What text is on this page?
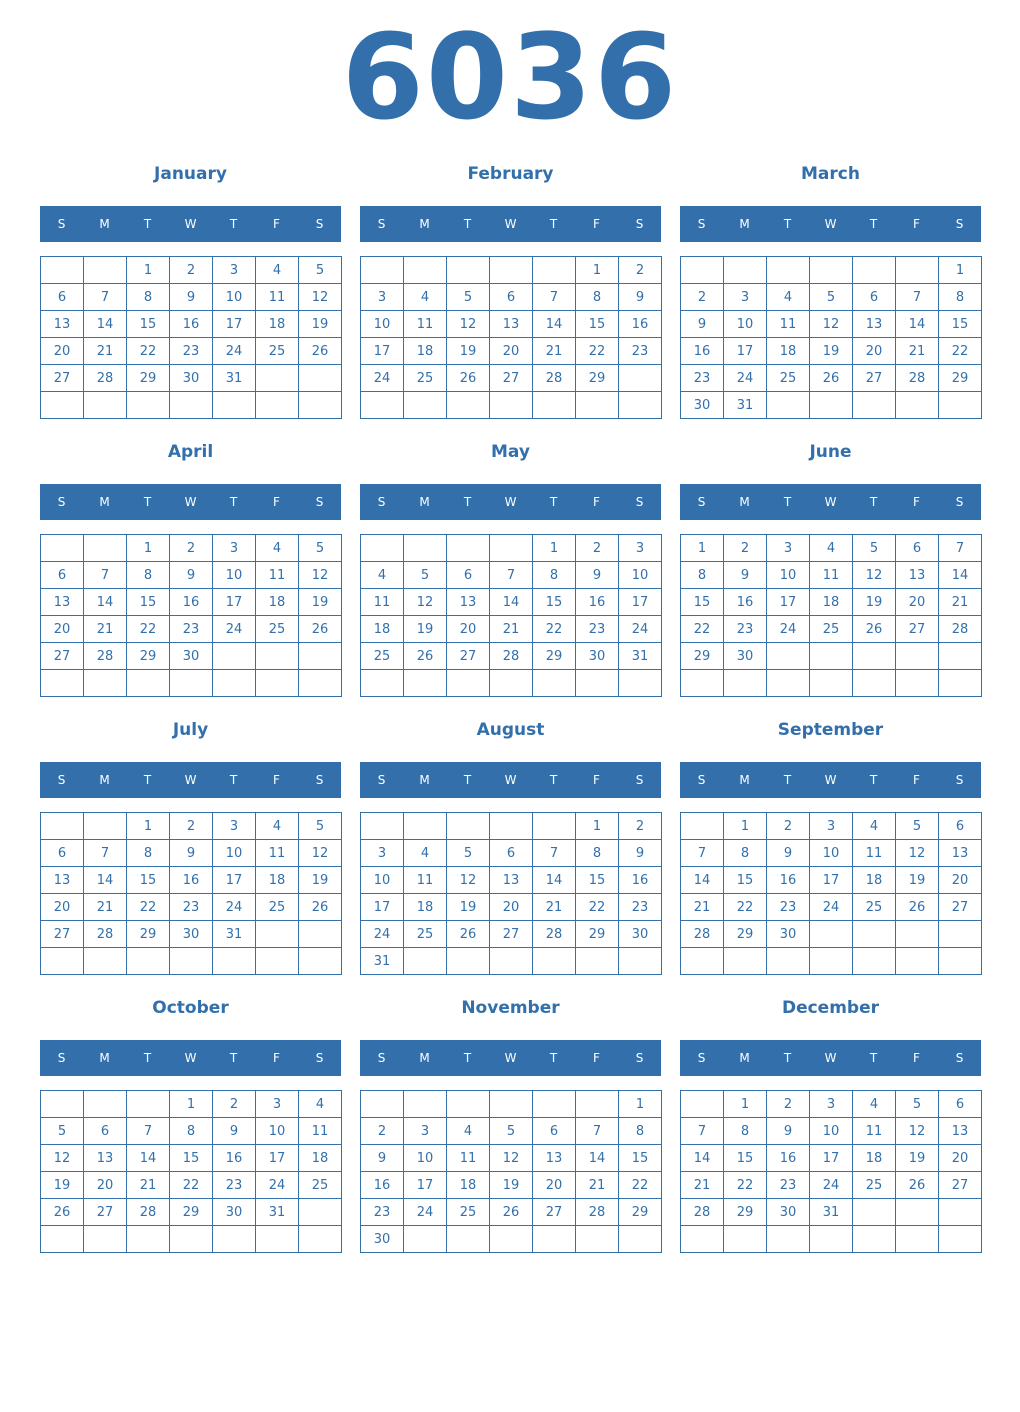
6036
January
S	M	T	W	T	F	S
		1	2	3	4	5
6	7	8	9	10	11	12
13	14	15	16	17	18	19
20	21	22	23	24	25	26
27	28	29	30	31		

February
S	M	T	W	T	F	S
					1	2
3	4	5	6	7	8	9
10	11	12	13	14	15	16
17	18	19	20	21	22	23
24	25	26	27	28	29	

March
S	M	T	W	T	F	S
						1
2	3	4	5	6	7	8
9	10	11	12	13	14	15
16	17	18	19	20	21	22
23	24	25	26	27	28	29
30	31					
April
S	M	T	W	T	F	S
		1	2	3	4	5
6	7	8	9	10	11	12
13	14	15	16	17	18	19
20	21	22	23	24	25	26
27	28	29	30			

May
S	M	T	W	T	F	S
				1	2	3
4	5	6	7	8	9	10
11	12	13	14	15	16	17
18	19	20	21	22	23	24
25	26	27	28	29	30	31

June
S	M	T	W	T	F	S
1	2	3	4	5	6	7
8	9	10	11	12	13	14
15	16	17	18	19	20	21
22	23	24	25	26	27	28
29	30					

July
S	M	T	W	T	F	S
		1	2	3	4	5
6	7	8	9	10	11	12
13	14	15	16	17	18	19
20	21	22	23	24	25	26
27	28	29	30	31		

August
S	M	T	W	T	F	S
					1	2
3	4	5	6	7	8	9
10	11	12	13	14	15	16
17	18	19	20	21	22	23
24	25	26	27	28	29	30
31						
September
S	M	T	W	T	F	S
	1	2	3	4	5	6
7	8	9	10	11	12	13
14	15	16	17	18	19	20
21	22	23	24	25	26	27
28	29	30				

October
S	M	T	W	T	F	S
			1	2	3	4
5	6	7	8	9	10	11
12	13	14	15	16	17	18
19	20	21	22	23	24	25
26	27	28	29	30	31	

November
S	M	T	W	T	F	S
						1
2	3	4	5	6	7	8
9	10	11	12	13	14	15
16	17	18	19	20	21	22
23	24	25	26	27	28	29
30						
December
S	M	T	W	T	F	S
	1	2	3	4	5	6
7	8	9	10	11	12	13
14	15	16	17	18	19	20
21	22	23	24	25	26	27
28	29	30	31			
